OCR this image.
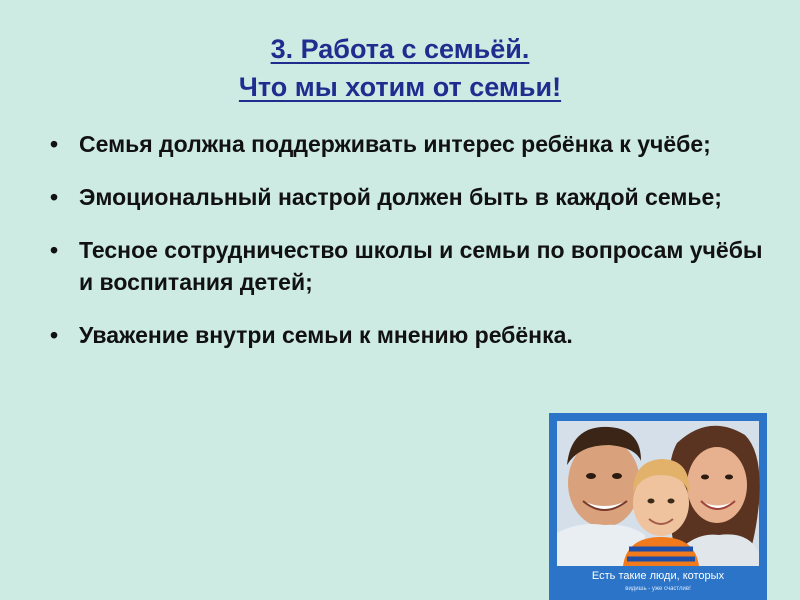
3. Работа с семьёй.
Что мы хотим от семьи!
• Семья должна поддерживать интерес ребёнка к учёбе;
• Эмоциональный настрой должен быть в каждой семье;
• Тесное сотрудничество школы и семьи по вопросам учёбы и воспитания детей;
• Уважение внутри семьи к мнению ребёнка.
Есть такие люди, которых
видишь - уже счастлив!
